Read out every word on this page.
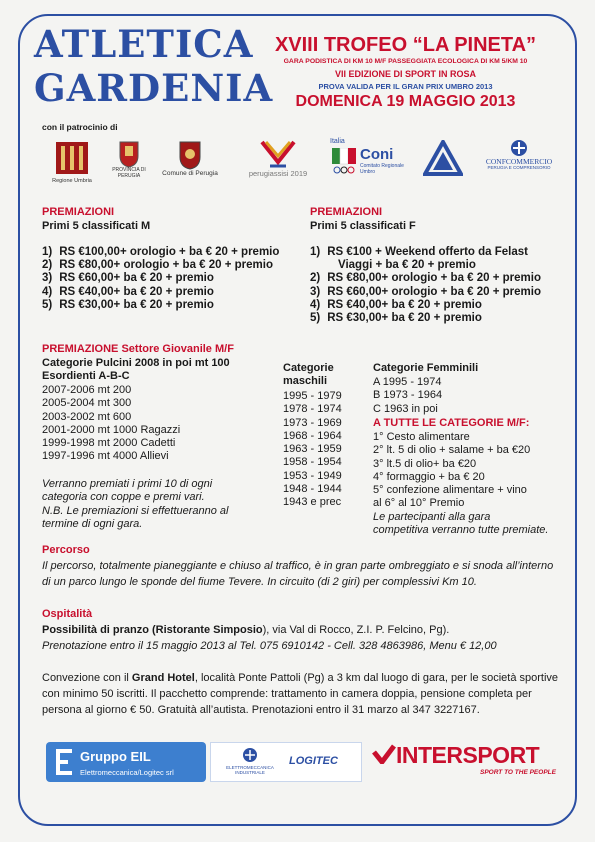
ATLETICA
GARDENIA
XVIII TROFEO “LA PINETA”
GARA PODISTICA DI KM 10 M/F PASSEGGIATA ECOLOGICA DI KM 5/KM 10
VII EDIZIONE DI SPORT IN ROSA
PROVA VALIDA PER IL GRAN PRIX UMBRO 2013
DOMENICA 19 MAGGIO 2013
con il patrocinio di
Regione Umbria
PROVINCIA DI PERUGIA	Comune di Perugia	perugiassisi 2019
Italia
Coni
Comitato Regionale Umbro
CONFCOMMERCIO
PERUGIA E COMPRENSORIO
PREMIAZIONI
Primi 5 classificati M
1) RS €100,00+ orologio + ba € 20 + premio
2) RS €80,00+ orologio + ba € 20 + premio
3) RS €60,00+ ba € 20 + premio
4) RS €40,00+ ba € 20 + premio
5) RS €30,00+ ba € 20 + premio
PREMIAZIONI
Primi 5 classificati F
1) RS €100 + Weekend offerto da Felast
Viaggi + ba € 20 + premio
2) RS €80,00+ orologio + ba € 20 + premio
3) RS €60,00+ orologio + ba € 20 + premio
4) RS €40,00+ ba € 20 + premio
5) RS €30,00+ ba € 20 + premio
PREMIAZIONE Settore Giovanile M/F
Categorie Pulcini 2008 in poi mt 100
Esordienti A-B-C
2007-2006 mt 200
2005-2004 mt 300
2003-2002 mt 600
2001-2000 mt 1000 Ragazzi
1999-1998 mt 2000 Cadetti
1997-1996 mt 4000 Allievi
Verranno premiati i primi 10 di ogni
categoria con coppe e premi vari.
N.B. Le premiazioni si effettueranno al
termine di ogni gara.
Categorie
maschili
1995 - 1979
1978 - 1974
1973 - 1969
1968 - 1964
1963 - 1959
1958 - 1954
1953 - 1949
1948 - 1944
1943 e prec
Categorie Femminili
A 1995 - 1974
B 1973 - 1964
C 1963 in poi
A TUTTE LE CATEGORIE M/F:
1° Cesto alimentare
2° lt. 5 di olio + salame + ba €20
3° lt.5 di olio+ ba €20
4° formaggio + ba € 20
5° confezione alimentare + vino
al 6° al 10° Premio
Le partecipanti alla gara
competitiva verranno tutte premiate.
Percorso
Il percorso, totalmente pianeggiante e chiuso al traffico, è in gran parte ombreggiato e si snoda all’interno di un parco lungo le sponde del fiume Tevere. In circuito (di 2 giri) per complessivi Km 10.
Ospitalità
Possibilità di pranzo (Ristorante Simposio), via Val di Rocco, Z.I. P. Felcino, Pg).
Prenotazione entro il 15 maggio 2013 al Tel. 075 6910142 - Cell. 328 4863986, Menu € 12,00
Convezione con il Grand Hotel, località Ponte Pattoli (Pg) a 3 km dal luogo di gara, per le società sportive con minimo 50 iscritti. Il pacchetto comprende: trattamento in camera doppia, pensione completa per persona al giorno € 50. Gratuità all’autista. Prenotazioni entro il 31 marzo al 347 3227167.
Gruppo EIL
Elettromeccanica/Logitec srl
ELETTROMECCANICA INDUSTRIALE
LOGITEC	INTERSPORT
SPORT TO THE PEOPLE
